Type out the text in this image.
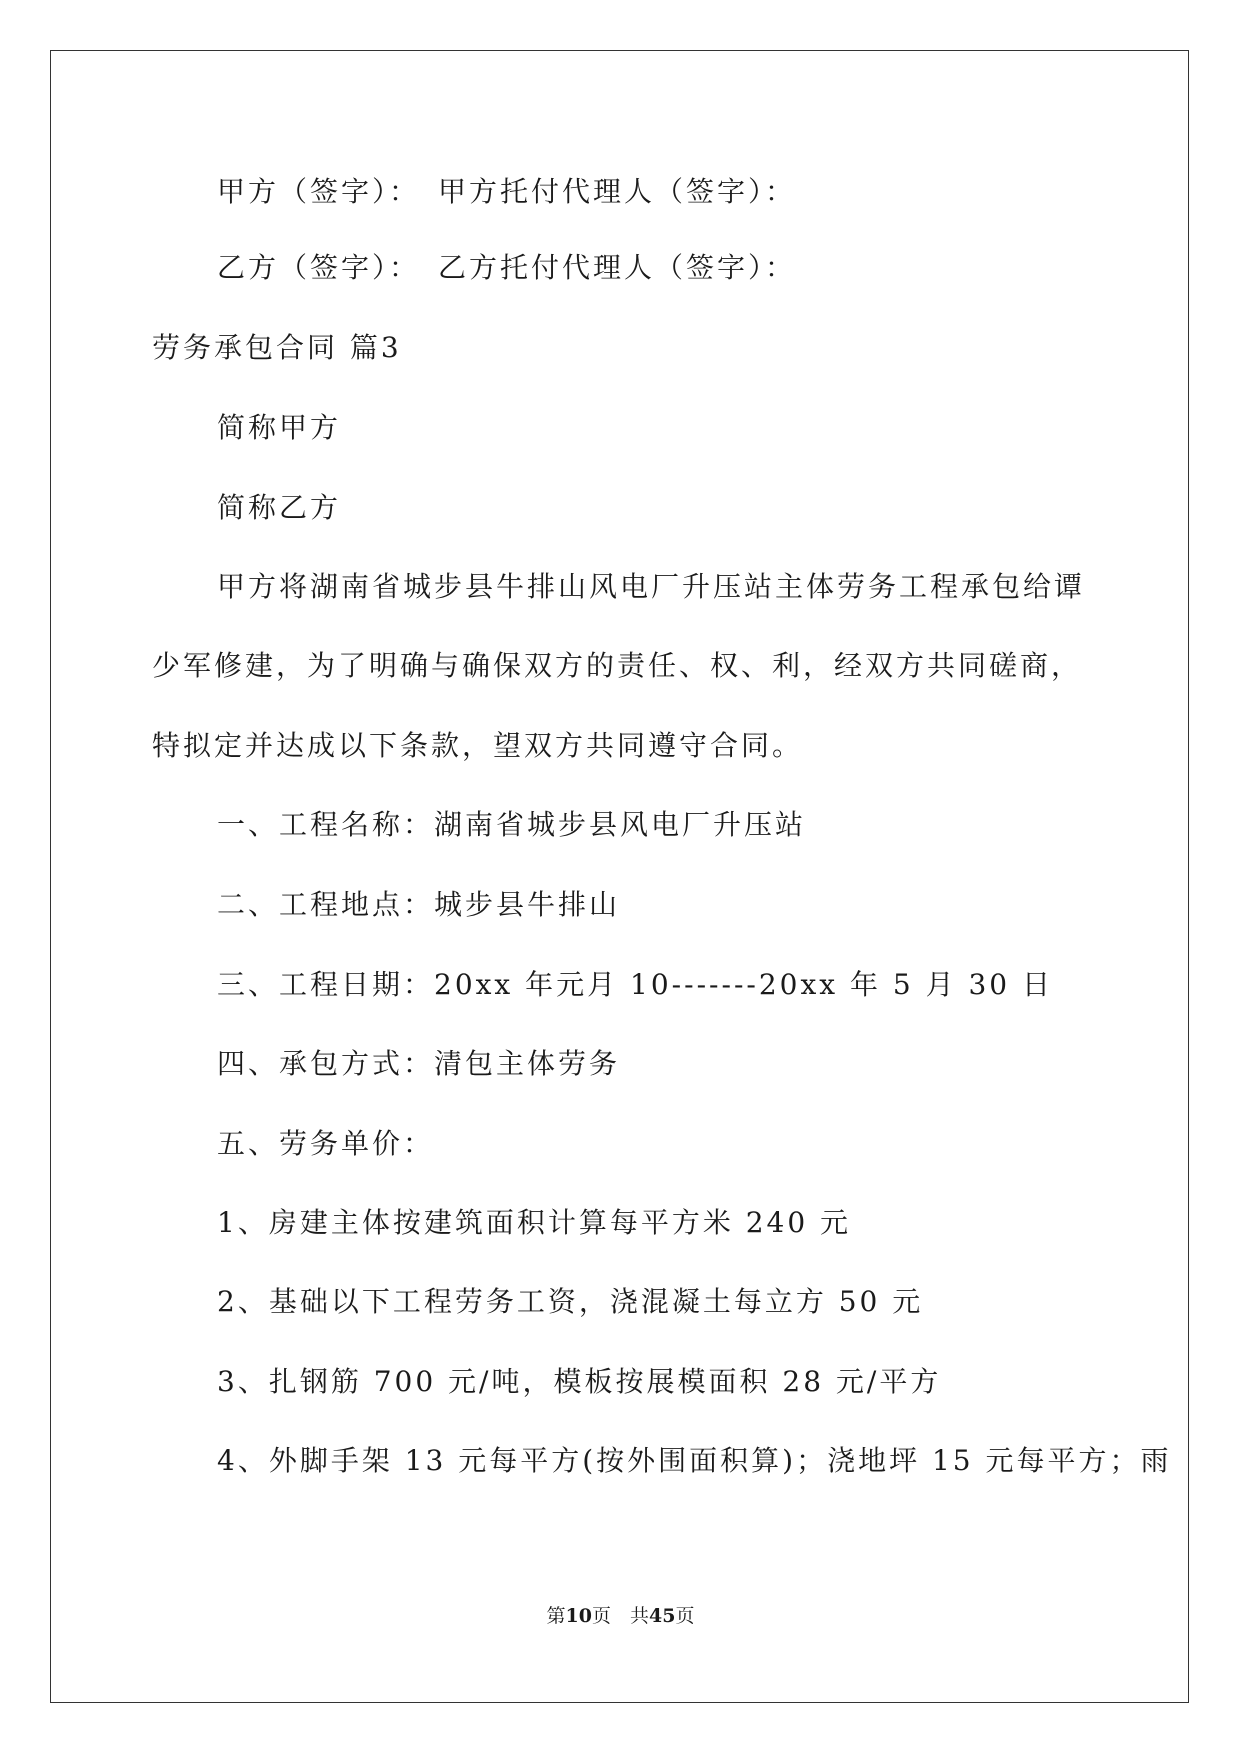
甲方（签字）： 甲方托付代理人（签字）：
乙方（签字）： 乙方托付代理人（签字）：
劳务承包合同 篇3
简称甲方
简称乙方
甲方将湖南省城步县牛排山风电厂升压站主体劳务工程承包给谭
少军修建，为了明确与确保双方的责任、权、利，经双方共同磋商，
特拟定并达成以下条款，望双方共同遵守合同。
一、工程名称：湖南省城步县风电厂升压站
二、工程地点：城步县牛排山
三、工程日期：20xx 年元月 10-------20xx 年 5 月 30 日
四、承包方式：清包主体劳务
五、劳务单价：
1、房建主体按建筑面积计算每平方米 240 元
2、基础以下工程劳务工资，浇混凝土每立方 50 元
3、扎钢筋 700 元/吨，模板按展模面积 28 元/平方
4、外脚手架 13 元每平方(按外围面积算)；浇地坪 15 元每平方；雨
第10页　共45页
